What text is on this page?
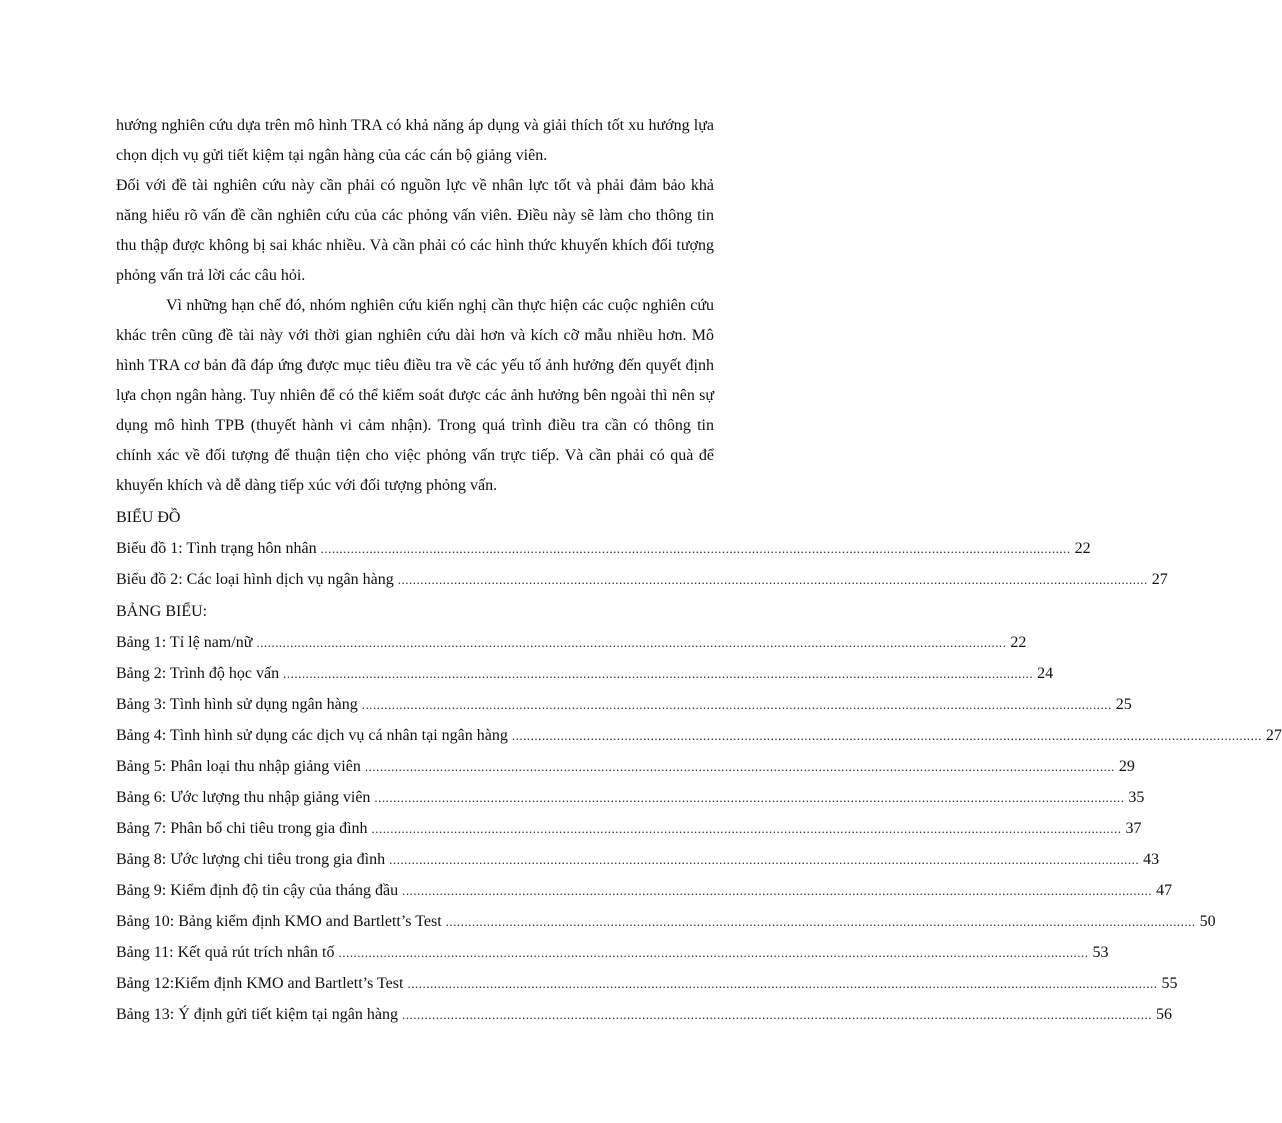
hướng nghiên cứu dựa trên mô hình TRA có khả năng áp dụng và giải thích tốt xu hướng lựa chọn dịch vụ gửi tiết kiệm tại ngân hàng của các cán bộ giảng viên.

Đối với đề tài nghiên cứu này cần phải có nguồn lực về nhân lực tốt và phải đảm bảo khả năng hiểu rõ vấn đề cần nghiên cứu của các phỏng vấn viên. Điều này sẽ làm cho thông tin thu thập được không bị sai khác nhiều. Và cần phải có các hình thức khuyến khích đối tượng phỏng vấn trả lời các câu hỏi.

Vì những hạn chế đó, nhóm nghiên cứu kiến nghị cần thực hiện các cuộc nghiên cứu khác trên cũng đề tài này với thời gian nghiên cứu dài hơn và kích cỡ mẫu nhiều hơn. Mô hình TRA cơ bản đã đáp ứng được mục tiêu điều tra về các yếu tố ảnh hưởng đến quyết định lựa chọn ngân hàng. Tuy nhiên để có thể kiểm soát được các ảnh hưởng bên ngoài thì nên sự dụng mô hình TPB (thuyết hành vi cảm nhận). Trong quá trình điều tra cần có thông tin chính xác về đối tượng để thuận tiện cho việc phỏng vấn trực tiếp. Và cần phải có quà để khuyến khích và dễ dàng tiếp xúc với đối tượng phỏng vấn.

BIỂU ĐỒ
Biểu đồ 1: Tình trạng hôn nhân ........................................................................................................................................................................................................ 22
Biểu đồ 2: Các loại hình dịch vụ ngân hàng ........................................................................................................................................................................................................ 27
BẢNG BIỂU:
Bảng 1: Tỉ lệ nam/nữ ........................................................................................................................................................................................................ 22
Bảng 2: Trình độ học vấn ........................................................................................................................................................................................................ 24
Bảng 3: Tình hình sử dụng ngân hàng ........................................................................................................................................................................................................ 25
Bảng 4: Tình hình sử dụng các dịch vụ cá nhân tại ngân hàng ........................................................................................................................................................................................................ 27
Bảng 5: Phân loại thu nhập giảng viên ........................................................................................................................................................................................................ 29
Bảng 6: Ước lượng thu nhập giảng viên ........................................................................................................................................................................................................ 35
Bảng 7: Phân bổ chi tiêu trong gia đình ........................................................................................................................................................................................................ 37
Bảng 8: Ước lượng chi tiêu trong gia đình ........................................................................................................................................................................................................ 43
Bảng 9: Kiểm định độ tin cậy của tháng đầu ........................................................................................................................................................................................................ 47
Bảng 10: Bảng kiểm định KMO and Bartlett’s Test ........................................................................................................................................................................................................ 50
Bảng 11: Kết quả rút trích nhân tố ........................................................................................................................................................................................................ 53
Bảng 12:Kiểm định KMO and Bartlett’s Test ........................................................................................................................................................................................................ 55
Bảng 13: Ý định gửi tiết kiệm tại ngân hàng ........................................................................................................................................................................................................ 56
